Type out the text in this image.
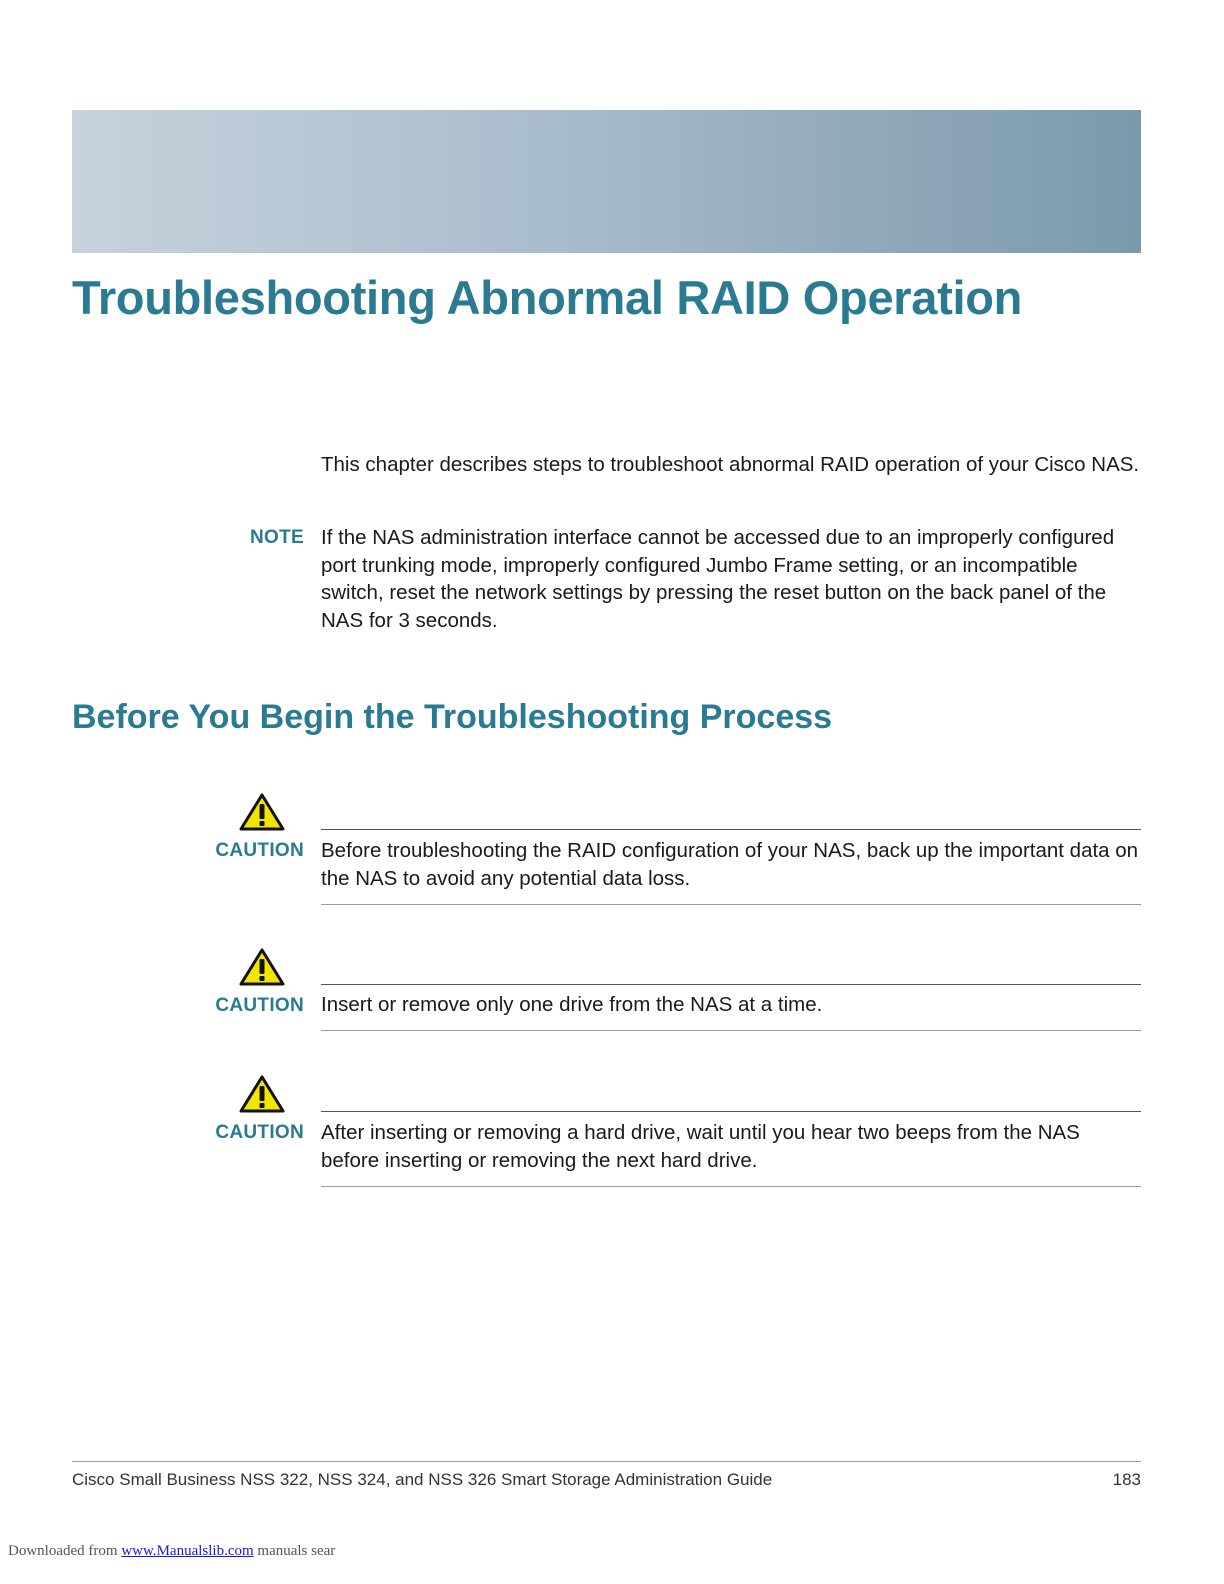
Troubleshooting Abnormal RAID Operation

This chapter describes steps to troubleshoot abnormal RAID operation of your Cisco NAS.

NOTE If the NAS administration interface cannot be accessed due to an improperly configured port trunking mode, improperly configured Jumbo Frame setting, or an incompatible switch, reset the network settings by pressing the reset button on the back panel of the NAS for 3 seconds.

Before You Begin the Troubleshooting Process
CAUTION Before troubleshooting the RAID configuration of your NAS, back up the important data on the NAS to avoid any potential data loss.

CAUTION Insert or remove only one drive from the NAS at a time.

CAUTION After inserting or removing a hard drive, wait until you hear two beeps from the NAS before inserting or removing the next hard drive.

Cisco Small Business NSS 322, NSS 324, and NSS 326 Smart Storage Administration Guide	183
Downloaded from www.Manualslib.com manuals sear
